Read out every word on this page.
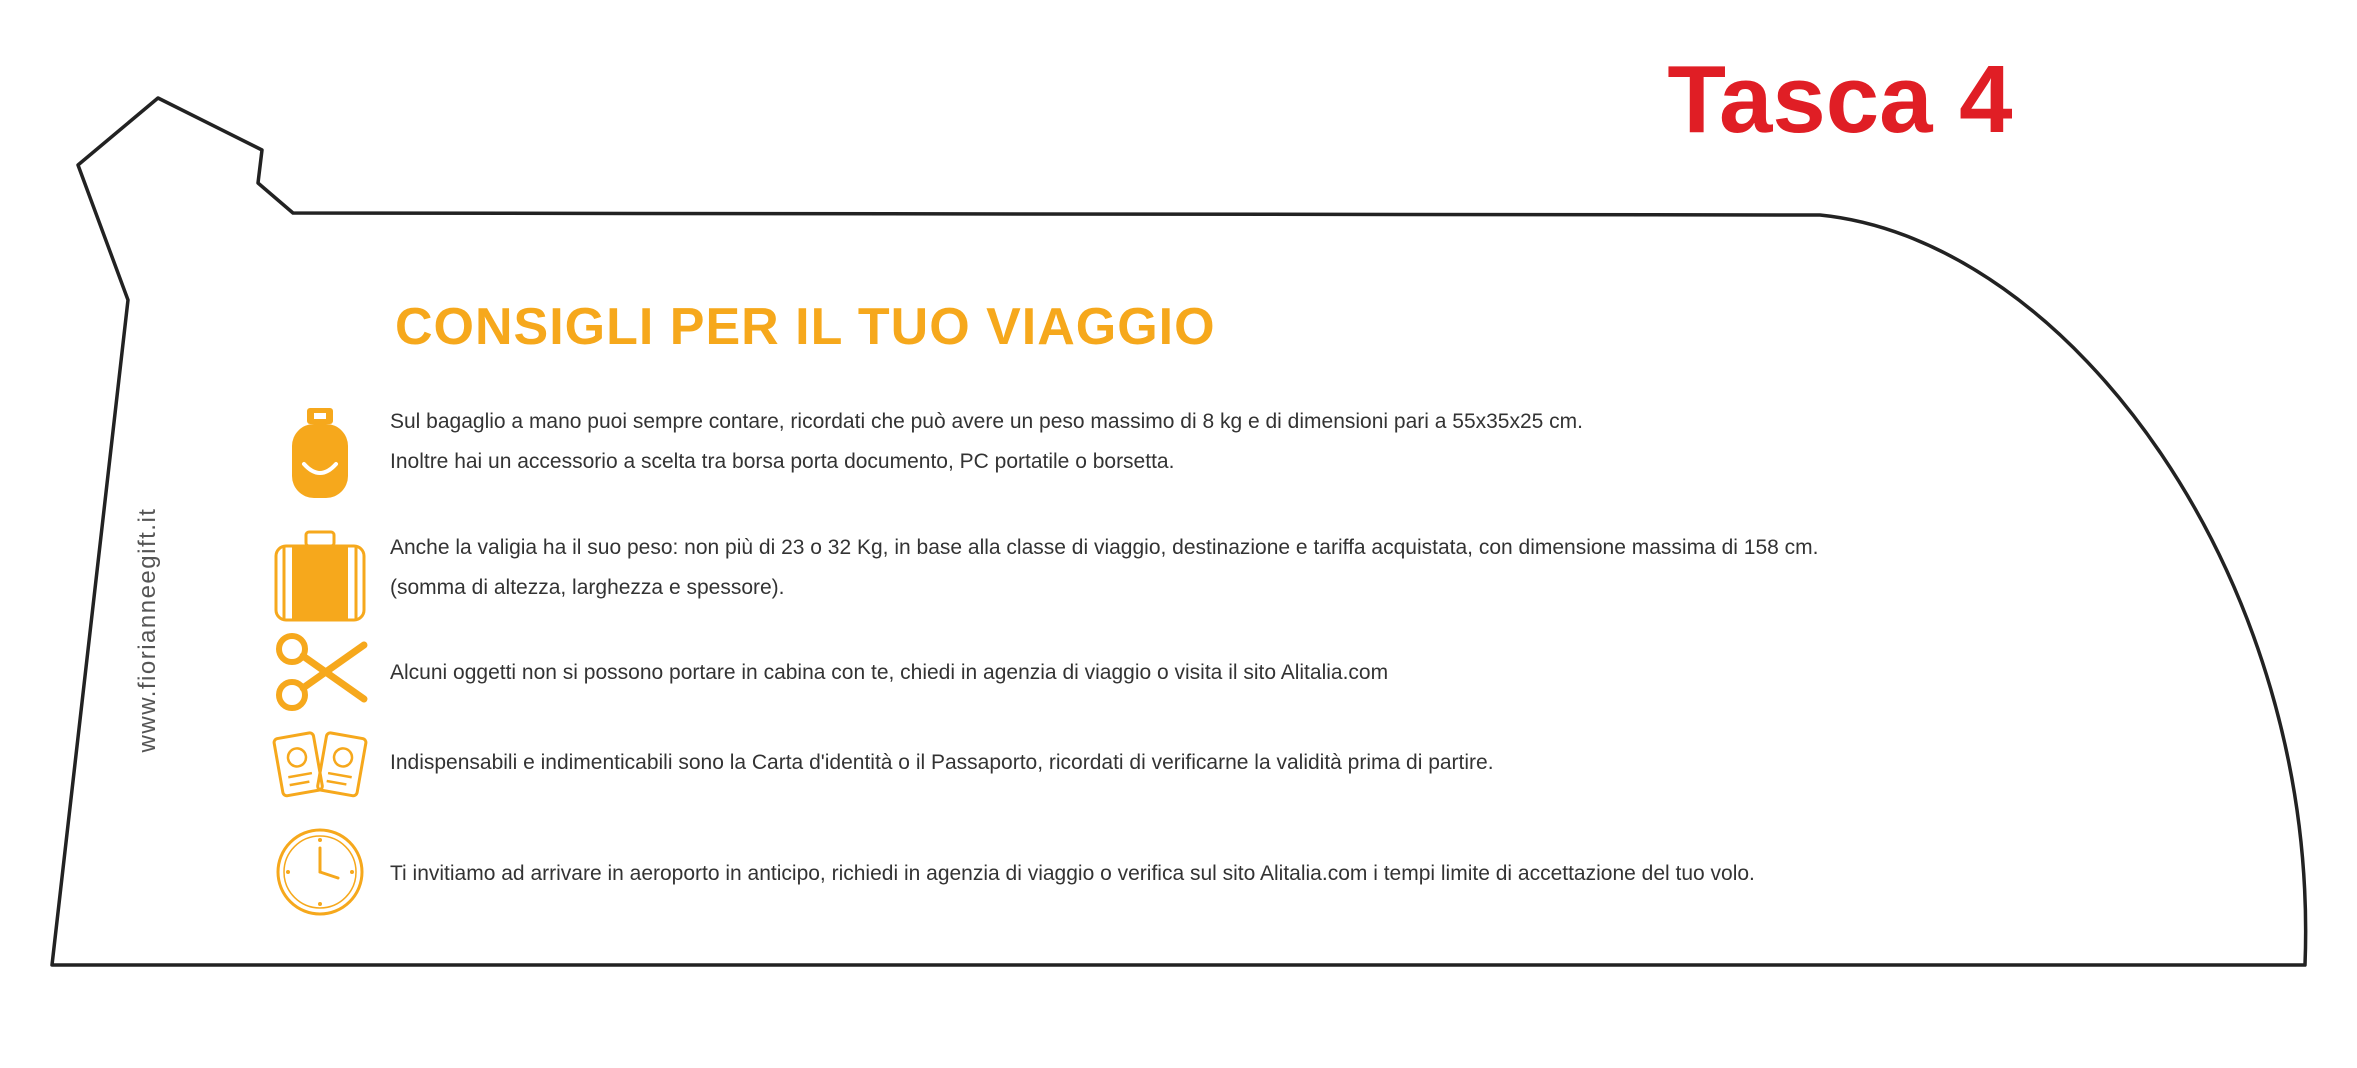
Tasca 4
CONSIGLI PER IL TUO VIAGGIO
www.fiorianneegift.it

Sul bagaglio a mano puoi sempre contare, ricordati che può avere un peso massimo di 8 kg e di dimensioni pari a 55x35x25 cm.

Inoltre hai un accessorio a scelta tra borsa porta documento, PC portatile o borsetta.

Anche la valigia ha il suo peso: non più di 23 o 32 Kg, in base alla classe di viaggio, destinazione e tariffa acquistata, con dimensione massima di 158 cm.

(somma di altezza, larghezza e spessore).

Alcuni oggetti non si possono portare in cabina con te, chiedi in agenzia di viaggio o visita il sito Alitalia.com

Indispensabili e indimenticabili sono la Carta d'identità o il Passaporto, ricordati di verificarne la validità prima di partire.

Ti invitiamo ad arrivare in aeroporto in anticipo, richiedi in agenzia di viaggio o verifica sul sito Alitalia.com i tempi limite di accettazione del tuo volo.
